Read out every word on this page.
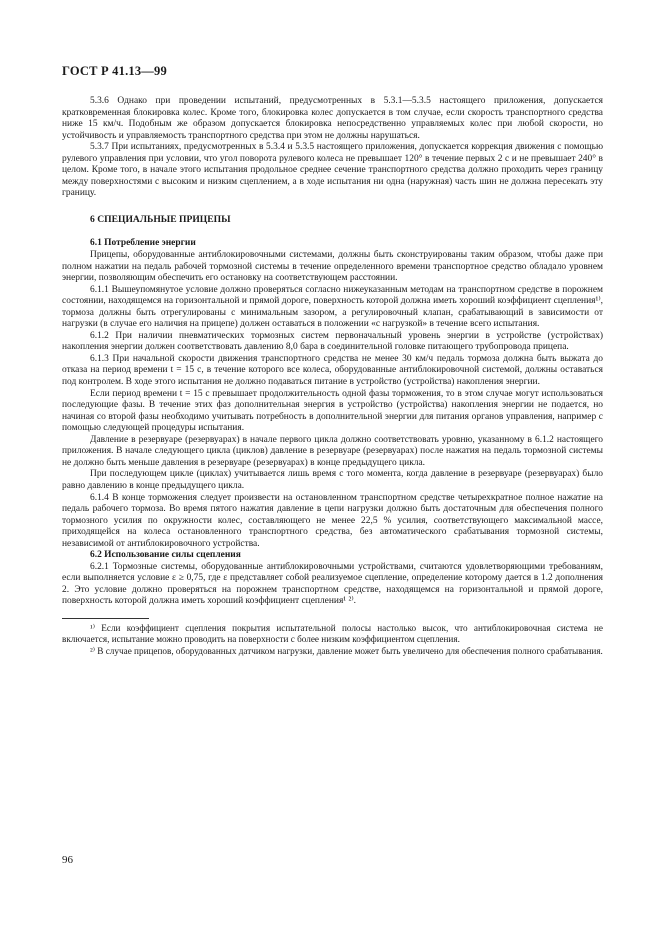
ГОСТ Р 41.13—99

5.3.6 Однако при проведении испытаний, предусмотренных в 5.3.1—5.3.5 настоящего приложения, допускается кратковременная блокировка колес. Кроме того, блокировка колес допускается в том случае, если скорость транспортного средства ниже 15 км/ч. Подобным же образом допускается блокировка непосредственно управляемых колес при любой скорости, но устойчивость и управляемость транспортного средства при этом не должны нарушаться.

5.3.7 При испытаниях, предусмотренных в 5.3.4 и 5.3.5 настоящего приложения, допускается коррекция движения с помощью рулевого управления при условии, что угол поворота рулевого колеса не превышает 120° в течение первых 2 с и не превышает 240° в целом. Кроме того, в начале этого испытания продольное среднее сечение транспортного средства должно проходить через границу между поверхностями с высоким и низким сцеплением, а в ходе испытания ни одна (наружная) часть шин не должна пересекать эту границу.

6 СПЕЦИАЛЬНЫЕ ПРИЦЕПЫ

6.1 Потребление энергии

Прицепы, оборудованные антиблокировочными системами, должны быть сконструированы таким образом, чтобы даже при полном нажатии на педаль рабочей тормозной системы в течение определенного времени транспортное средство обладало уровнем энергии, позволяющим обеспечить его остановку на соответствующем расстоянии.

6.1.1 Вышеупомянутое условие должно проверяться согласно нижеуказанным методам на транспортном средстве в порожнем состоянии, находящемся на горизонтальной и прямой дороге, поверхность которой должна иметь хороший коэффициент сцепления¹⁾, тормоза должны быть отрегулированы с минимальным зазором, а регулировочный клапан, срабатывающий в зависимости от нагрузки (в случае его наличия на прицепе) должен оставаться в положении «с нагрузкой» в течение всего испытания.

6.1.2 При наличии пневматических тормозных систем первоначальный уровень энергии в устройстве (устройствах) накопления энергии должен соответствовать давлению 8,0 бара в соединительной головке питающего трубопровода прицепа.

6.1.3 При начальной скорости движения транспортного средства не менее 30 км/ч педаль тормоза должна быть выжата до отказа на период времени t = 15 с, в течение которого все колеса, оборудованные антиблокировочной системой, должны оставаться под контролем. В ходе этого испытания не должно подаваться питание в устройство (устройства) накопления энергии.

Если период времени t = 15 с превышает продолжительность одной фазы торможения, то в этом случае могут использоваться последующие фазы. В течение этих фаз дополнительная энергия в устройство (устройства) накопления энергии не подается, но начиная со второй фазы необходимо учитывать потребность в дополнительной энергии для питания органов управления, например с помощью следующей процедуры испытания.

Давление в резервуаре (резервуарах) в начале первого цикла должно соответствовать уровню, указанному в 6.1.2 настоящего приложения. В начале следующего цикла (циклов) давление в резервуаре (резервуарах) после нажатия на педаль тормозной системы не должно быть меньше давления в резервуаре (резервуарах) в конце предыдущего цикла.

При последующем цикле (циклах) учитывается лишь время с того момента, когда давление в резервуаре (резервуарах) было равно давлению в конце предыдущего цикла.

6.1.4 В конце торможения следует произвести на остановленном транспортном средстве четырехкратное полное нажатие на педаль рабочего тормоза. Во время пятого нажатия давление в цепи нагрузки должно быть достаточным для обеспечения полного тормозного усилия по окружности колес, составляющего не менее 22,5 % усилия, соответствующего максимальной массе, приходящейся на колеса остановленного транспортного средства, без автоматического срабатывания тормозной системы, независимой от антиблокировочного устройства.

6.2 Использование силы сцепления

6.2.1 Тормозные системы, оборудованные антиблокировочными устройствами, считаются удовлетворяющими требованиям, если выполняется условие ε ≥ 0,75, где ε представляет собой реализуемое сцепление, определение которому дается в 1.2 дополнения 2. Это условие должно проверяться на порожнем транспортном средстве, находящемся на горизонтальной и прямой дороге, поверхность которой должна иметь хороший коэффициент сцепления¹ ²⁾.

¹⁾ Если коэффициент сцепления покрытия испытательной полосы настолько высок, что антиблокировочная система не включается, испытание можно проводить на поверхности с более низким коэффициентом сцепления.

²⁾ В случае прицепов, оборудованных датчиком нагрузки, давление может быть увеличено для обеспечения полного срабатывания.

96
